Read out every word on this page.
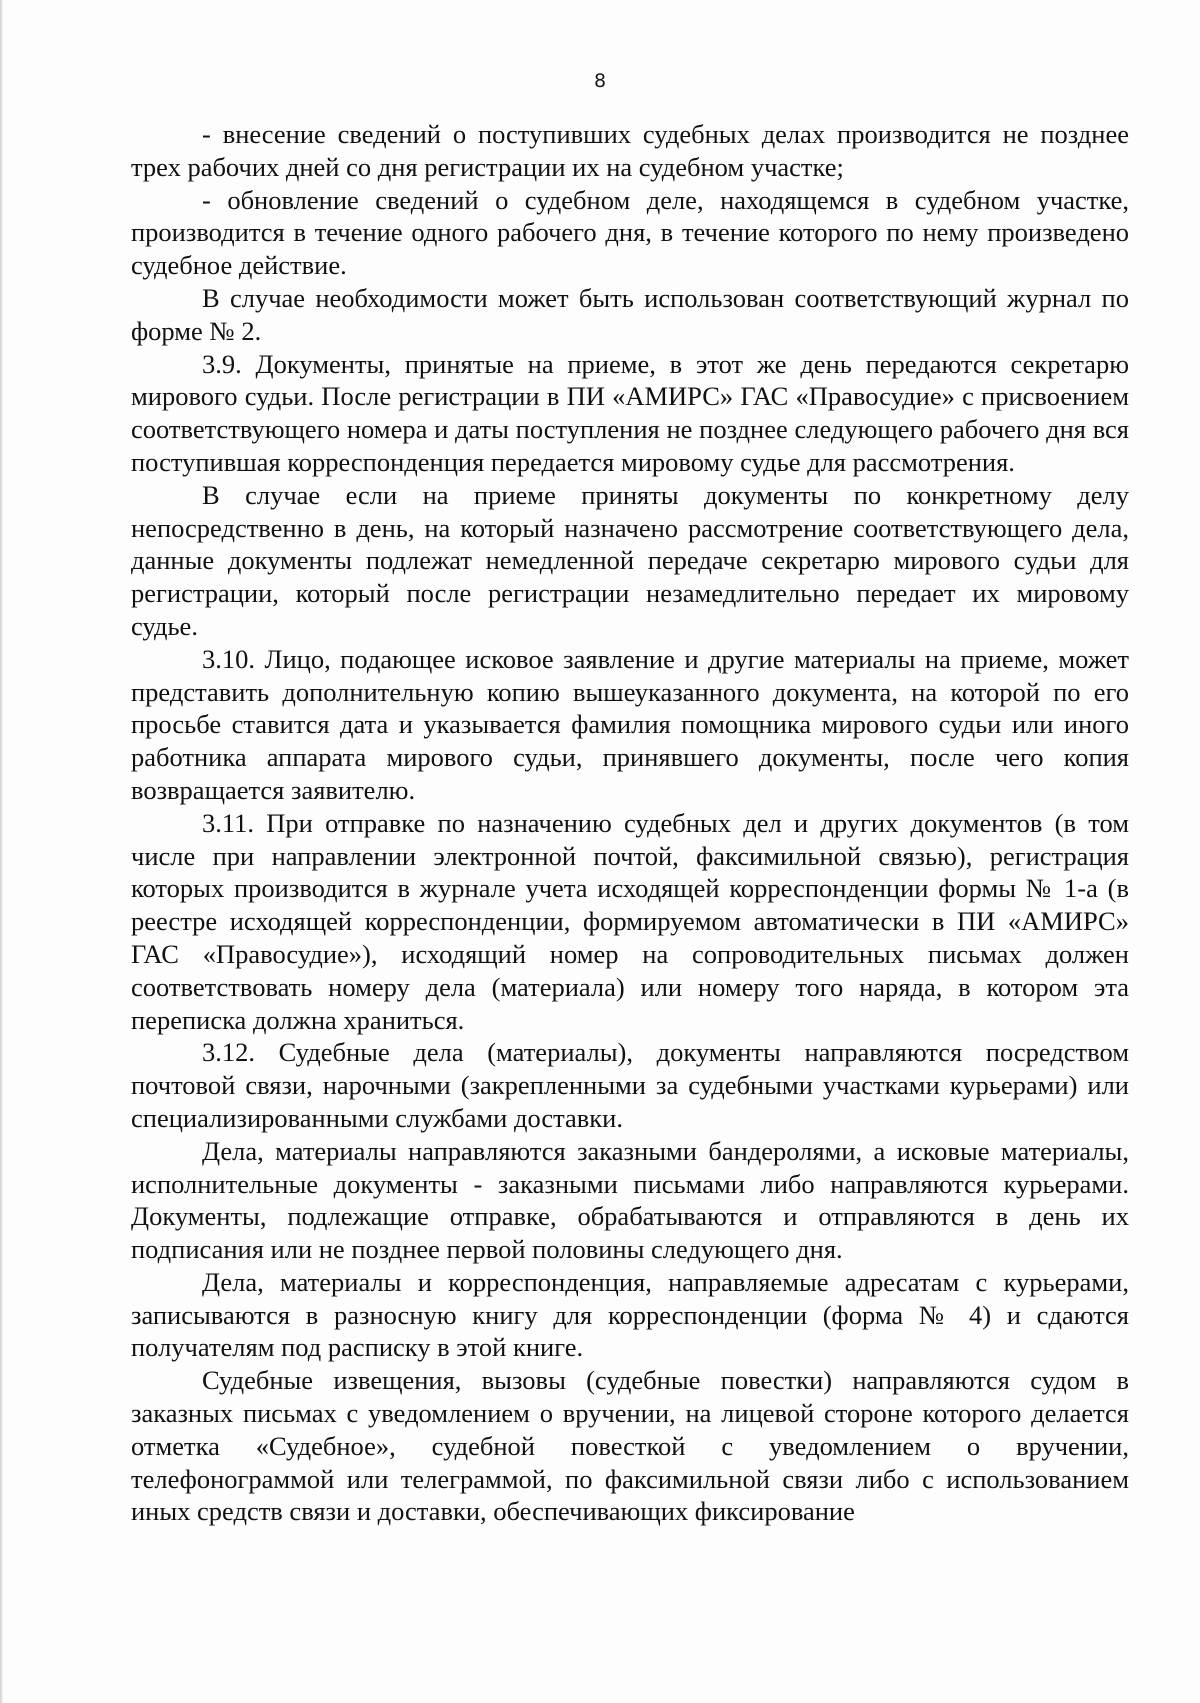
8

- внесение сведений о поступивших судебных делах производится не позднее трех рабочих дней со дня регистрации их на судебном участке;

- обновление сведений о судебном деле, находящемся в судебном участке, производится в течение одного рабочего дня, в течение которого по нему произведено судебное действие.

В случае необходимости может быть использован соответствующий журнал по форме № 2.

3.9. Документы, принятые на приеме, в этот же день передаются секретарю мирового судьи. После регистрации в ПИ «АМИРС» ГАС «Правосудие» с присвоением соответствующего номера и даты поступления не позднее следующего рабочего дня вся поступившая корреспонденция передается мировому судье для рассмотрения.

В случае если на приеме приняты документы по конкретному делу непосредственно в день, на который назначено рассмотрение соответствующего дела, данные документы подлежат немедленной передаче секретарю мирового судьи для регистрации, который после регистрации незамедлительно передает их мировому судье.

3.10. Лицо, подающее исковое заявление и другие материалы на приеме, может представить дополнительную копию вышеуказанного документа, на которой по его просьбе ставится дата и указывается фамилия помощника мирового судьи или иного работника аппарата мирового судьи, принявшего документы, после чего копия возвращается заявителю.

3.11. При отправке по назначению судебных дел и других документов (в том числе при направлении электронной почтой, факсимильной связью), регистрация которых производится в журнале учета исходящей корреспонденции формы № 1-а (в реестре исходящей корреспонденции, формируемом автоматически в ПИ «АМИРС» ГАС «Правосудие»), исходящий номер на сопроводительных письмах должен соответствовать номеру дела (материала) или номеру того наряда, в котором эта переписка должна храниться.

3.12. Судебные дела (материалы), документы направляются посредством почтовой связи, нарочными (закрепленными за судебными участками курьерами) или специализированными службами доставки.

Дела, материалы направляются заказными бандеролями, а исковые материалы, исполнительные документы - заказными письмами либо направляются курьерами. Документы, подлежащие отправке, обрабатываются и отправляются в день их подписания или не позднее первой половины следующего дня.

Дела, материалы и корреспонденция, направляемые адресатам с курьерами, записываются в разносную книгу для корреспонденции (форма № 4) и сдаются получателям под расписку в этой книге.

Судебные извещения, вызовы (судебные повестки) направляются судом в заказных письмах с уведомлением о вручении, на лицевой стороне которого делается отметка «Судебное», судебной повесткой с уведомлением о вручении, телефонограммой или телеграммой, по факсимильной связи либо с использованием иных средств связи и доставки, обеспечивающих фиксирование
